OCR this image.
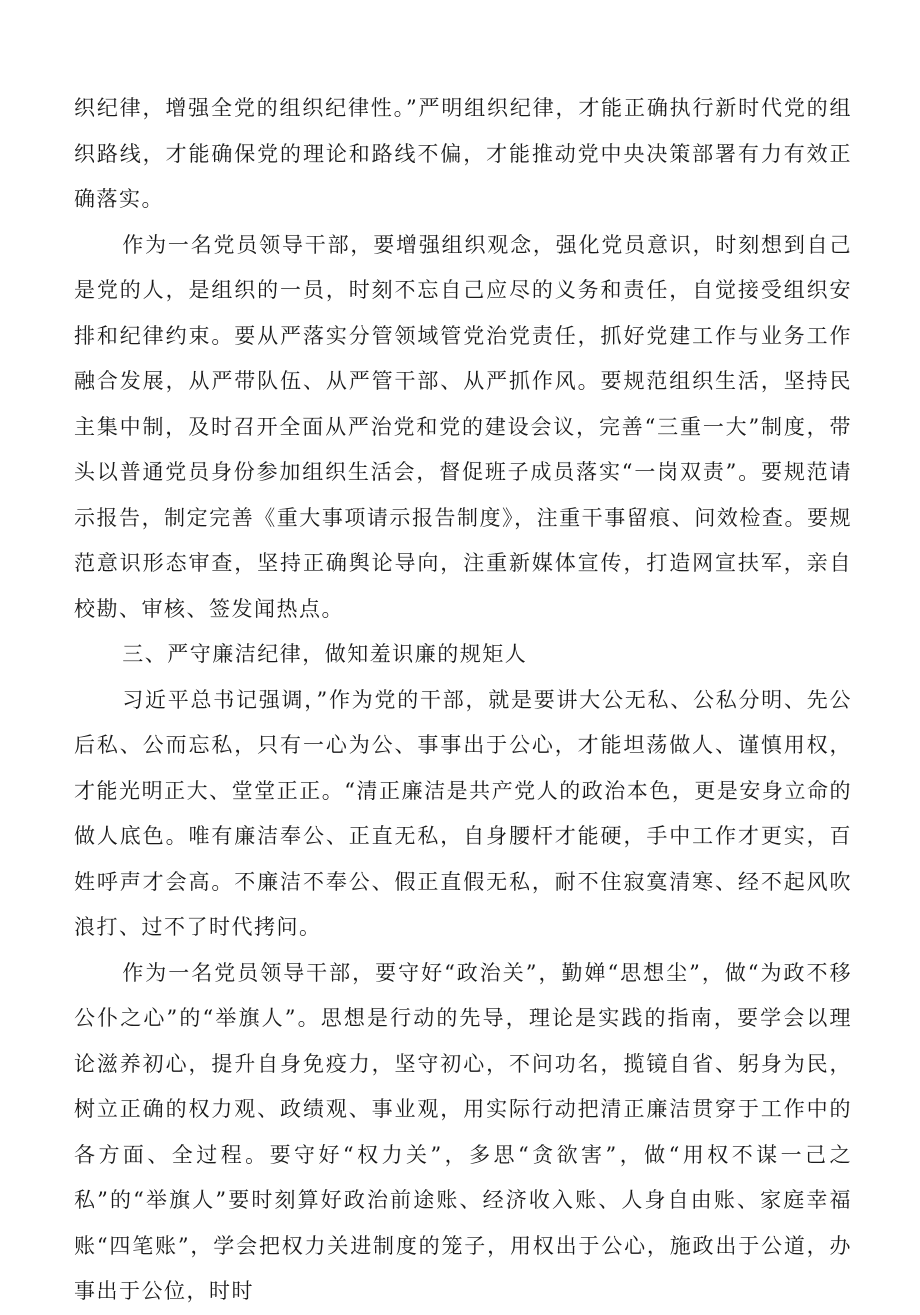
织纪律，增强全党的组织纪律性。”严明组织纪律，才能正确执行新时代党的组织路线，才能确保党的理论和路线不偏，才能推动党中央决策部署有力有效正确落实。

作为一名党员领导干部，要增强组织观念，强化党员意识，时刻想到自己是党的人，是组织的一员，时刻不忘自己应尽的义务和责任，自觉接受组织安排和纪律约束。要从严落实分管领域管党治党责任，抓好党建工作与业务工作融合发展，从严带队伍、从严管干部、从严抓作风。要规范组织生活，坚持民主集中制，及时召开全面从严治党和党的建设会议，完善“三重一大”制度，带头以普通党员身份参加组织生活会，督促班子成员落实“一岗双责”。要规范请示报告，制定完善《重大事项请示报告制度》，注重干事留痕、问效检查。要规范意识形态审查，坚持正确舆论导向，注重新媒体宣传，打造网宣扶军，亲自校勘、审核、签发闻热点。

三、严守廉洁纪律，做知羞识廉的规矩人

习近平总书记强调，”作为党的干部，就是要讲大公无私、公私分明、先公后私、公而忘私，只有一心为公、事事出于公心，才能坦荡做人、谨慎用权，才能光明正大、堂堂正正。“清正廉洁是共产党人的政治本色，更是安身立命的做人底色。唯有廉洁奉公、正直无私，自身腰杆才能硬，手中工作才更实，百姓呼声才会高。不廉洁不奉公、假正直假无私，耐不住寂寞清寒、经不起风吹浪打、过不了时代拷问。

作为一名党员领导干部，要守好“政治关”，勤婵“思想尘”，做“为政不移公仆之心”的“举旗人”。思想是行动的先导，理论是实践的指南，要学会以理论滋养初心，提升自身免疫力，坚守初心，不问功名，揽镜自省、躬身为民，树立正确的权力观、政绩观、事业观，用实际行动把清正廉洁贯穿于工作中的各方面、全过程。要守好“权力关”，多思“贪欲害”，做“用权不谋一己之私”的“举旗人”要时刻算好政治前途账、经济收入账、人身自由账、家庭幸福账“四笔账”，学会把权力关进制度的笼子，用权出于公心，施政出于公道，办事出于公位，时时
